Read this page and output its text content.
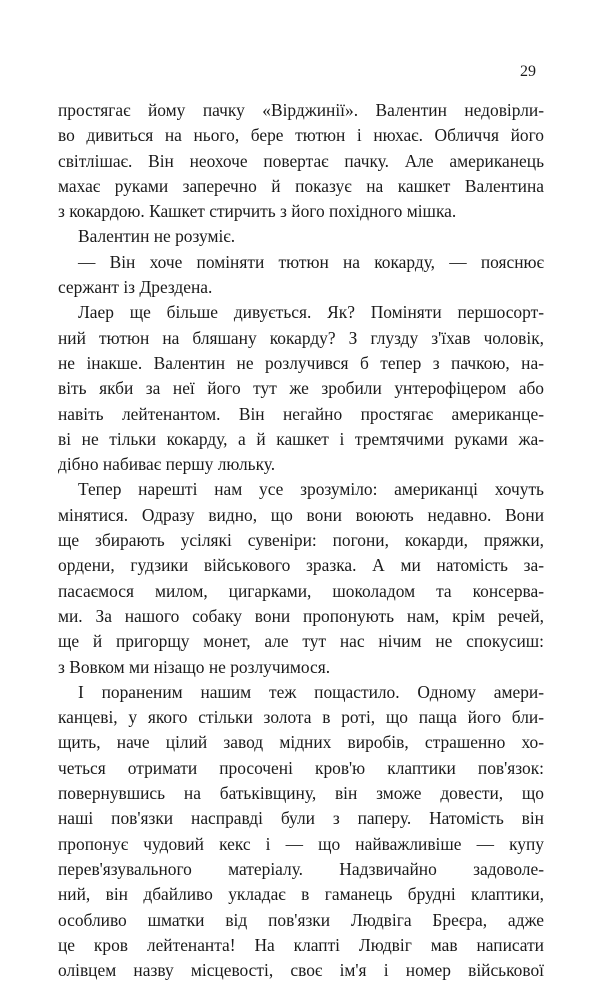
29
простягає йому пачку «Вірджинії». Валентин недовірли-
во дивиться на нього, бере тютюн і нюхає. Обличчя його
світлішає. Він неохоче повертає пачку. Але американець
махає руками заперечно й показує на кашкет Валентина
з кокардою. Кашкет стирчить з його похідного мішка.
Валентин не розуміє.
— Він хоче поміняти тютюн на кокарду, — пояснює
сержант із Дрездена.
Лаер ще більше дивується. Як? Поміняти першосорт-
ний тютюн на бляшану кокарду? З глузду з'їхав чоловік,
не інакше. Валентин не розлучився б тепер з пачкою, на-
віть якби за неї його тут же зробили унтерофіцером або
навіть лейтенантом. Він негайно простягає американце-
ві не тільки кокарду, а й кашкет і тремтячими руками жа-
дібно набиває першу люльку.
Тепер нарешті нам усе зрозуміло: американці хочуть
мінятися. Одразу видно, що вони воюють недавно. Вони
ще збирають усілякі сувеніри: погони, кокарди, пряжки,
ордени, гудзики військового зразка. А ми натомість за-
пасаємося милом, цигарками, шоколадом та консерва-
ми. За нашого собаку вони пропонують нам, крім речей,
ще й пригорщу монет, але тут нас нічим не спокусиш:
з Вовком ми нізащо не розлучимося.
І пораненим нашим теж пощастило. Одному амери-
канцеві, у якого стільки золота в роті, що паща його бли-
щить, наче цілий завод мідних виробів, страшенно хо-
четься отримати просочені кров'ю клаптики пов'язок:
повернувшись на батьківщину, він зможе довести, що
наші пов'язки насправді були з паперу. Натомість він
пропонує чудовий кекс і — що найважливіше — купу
перев'язувального матеріалу. Надзвичайно задоволе-
ний, він дбайливо укладає в гаманець брудні клаптики,
особливо шматки від пов'язки Людвіга Бреєра, адже
це кров лейтенанта! На клапті Людвіг мав написати
олівцем назву місцевості, своє ім'я і номер військової
